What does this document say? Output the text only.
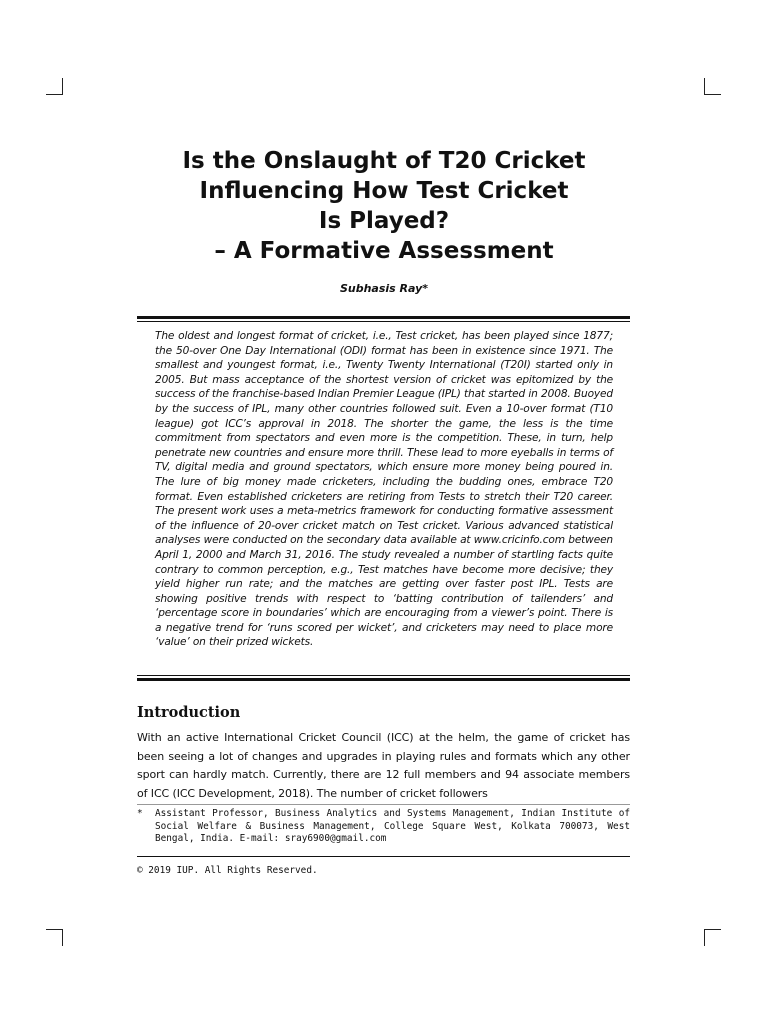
Is the Onslaught of T20 Cricket
Influencing How Test Cricket
Is Played?
– A Formative Assessment
Subhasis Ray*

The oldest and longest format of cricket, i.e., Test cricket, has been played since 1877; the 50-over One Day International (ODI) format has been in existence since 1971. The smallest and youngest format, i.e., Twenty Twenty International (T20I) started only in 2005. But mass acceptance of the shortest version of cricket was epitomized by the success of the franchise-based Indian Premier League (IPL) that started in 2008. Buoyed by the success of IPL, many other countries followed suit. Even a 10-over format (T10 league) got ICC’s approval in 2018. The shorter the game, the less is the time commitment from spectators and even more is the competition. These, in turn, help penetrate new countries and ensure more thrill. These lead to more eyeballs in terms of TV, digital media and ground spectators, which ensure more money being poured in. The lure of big money made cricketers, including the budding ones, embrace T20 format. Even established cricketers are retiring from Tests to stretch their T20 career. The present work uses a meta-metrics framework for conducting formative assessment of the influence of 20-over cricket match on Test cricket. Various advanced statistical analyses were conducted on the secondary data available at www.cricinfo.com between April 1, 2000 and March 31, 2016. The study revealed a number of startling facts quite contrary to common perception, e.g., Test matches have become more decisive; they yield higher run rate; and the matches are getting over faster post IPL. Tests are showing positive trends with respect to ‘batting contribution of tailenders’ and ‘percentage score in boundaries’ which are encouraging from a viewer’s point. There is a negative trend for ‘runs scored per wicket’, and cricketers may need to place more ‘value’ on their prized wickets.

Introduction

With an active International Cricket Council (ICC) at the helm, the game of cricket has been seeing a lot of changes and upgrades in playing rules and formats which any other sport can hardly match. Currently, there are 12 full members and 94 associate members of ICC (ICC Development, 2018). The number of cricket followers

*	Assistant Professor, Business Analytics and Systems Management, Indian Institute of Social Welfare & Business Management, College Square West, Kolkata 700073, West Bengal, India. E-mail: sray6900@gmail.com
© 2019 IUP. All Rights Reserved.
